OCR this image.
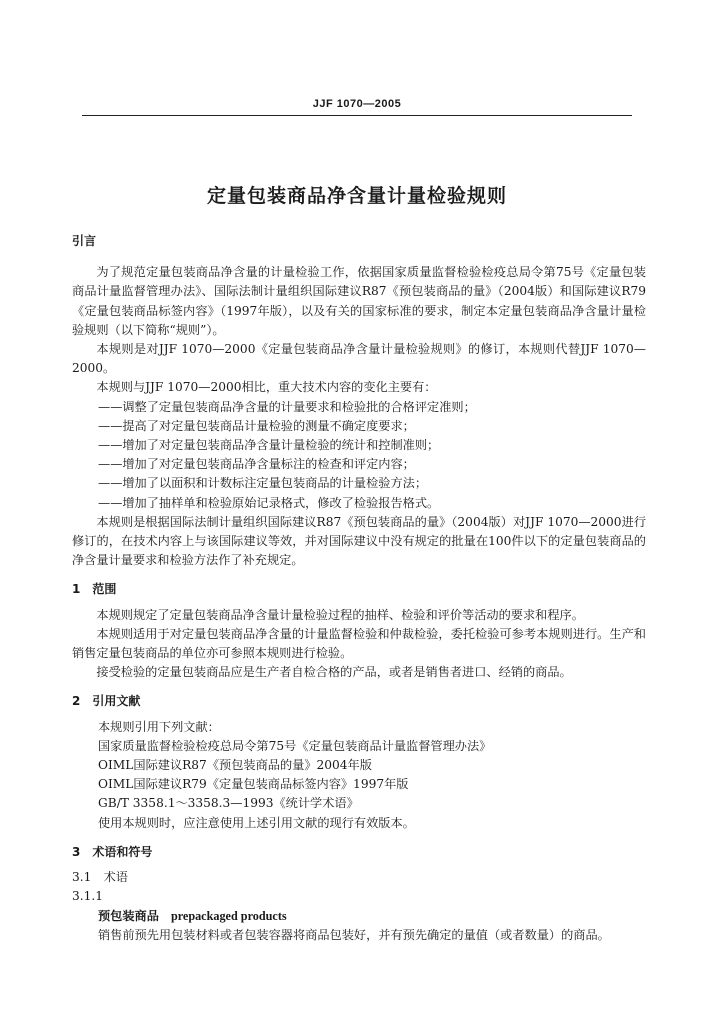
JJF 1070—2005
定量包装商品净含量计量检验规则

引言

为了规范定量包装商品净含量的计量检验工作，依据国家质量监督检验检疫总局令第75号《定量包装商品计量监督管理办法》、国际法制计量组织国际建议R87《预包装商品的量》（2004版）和国际建议R79《定量包装商品标签内容》（1997年版），以及有关的国家标准的要求，制定本定量包装商品净含量计量检验规则（以下简称“规则”）。

本规则是对JJF 1070—2000《定量包装商品净含量计量检验规则》的修订，本规则代替JJF 1070—2000。

本规则与JJF 1070—2000相比，重大技术内容的变化主要有：

——调整了定量包装商品净含量的计量要求和检验批的合格评定准则；

——提高了对定量包装商品计量检验的测量不确定度要求；

——增加了对定量包装商品净含量计量检验的统计和控制准则；

——增加了对定量包装商品净含量标注的检查和评定内容；

——增加了以面积和计数标注定量包装商品的计量检验方法；

——增加了抽样单和检验原始记录格式，修改了检验报告格式。

本规则是根据国际法制计量组织国际建议R87《预包装商品的量》（2004版）对JJF 1070—2000进行修订的，在技术内容上与该国际建议等效，并对国际建议中没有规定的批量在100件以下的定量包装商品的净含量计量要求和检验方法作了补充规定。

1　范围

本规则规定了定量包装商品净含量计量检验过程的抽样、检验和评价等活动的要求和程序。

本规则适用于对定量包装商品净含量的计量监督检验和仲裁检验，委托检验可参考本规则进行。生产和销售定量包装商品的单位亦可参照本规则进行检验。

接受检验的定量包装商品应是生产者自检合格的产品，或者是销售者进口、经销的商品。

2　引用文献

本规则引用下列文献：

国家质量监督检验检疫总局令第75号《定量包装商品计量监督管理办法》

OIML国际建议R87《预包装商品的量》2004年版

OIML国际建议R79《定量包装商品标签内容》1997年版

GB/T 3358.1～3358.3—1993《统计学术语》

使用本规则时，应注意使用上述引用文献的现行有效版本。

3　术语和符号

3.1　术语

3.1.1

预包装商品 prepackaged products

销售前预先用包装材料或者包装容器将商品包装好，并有预先确定的量值（或者数量）的商品。
